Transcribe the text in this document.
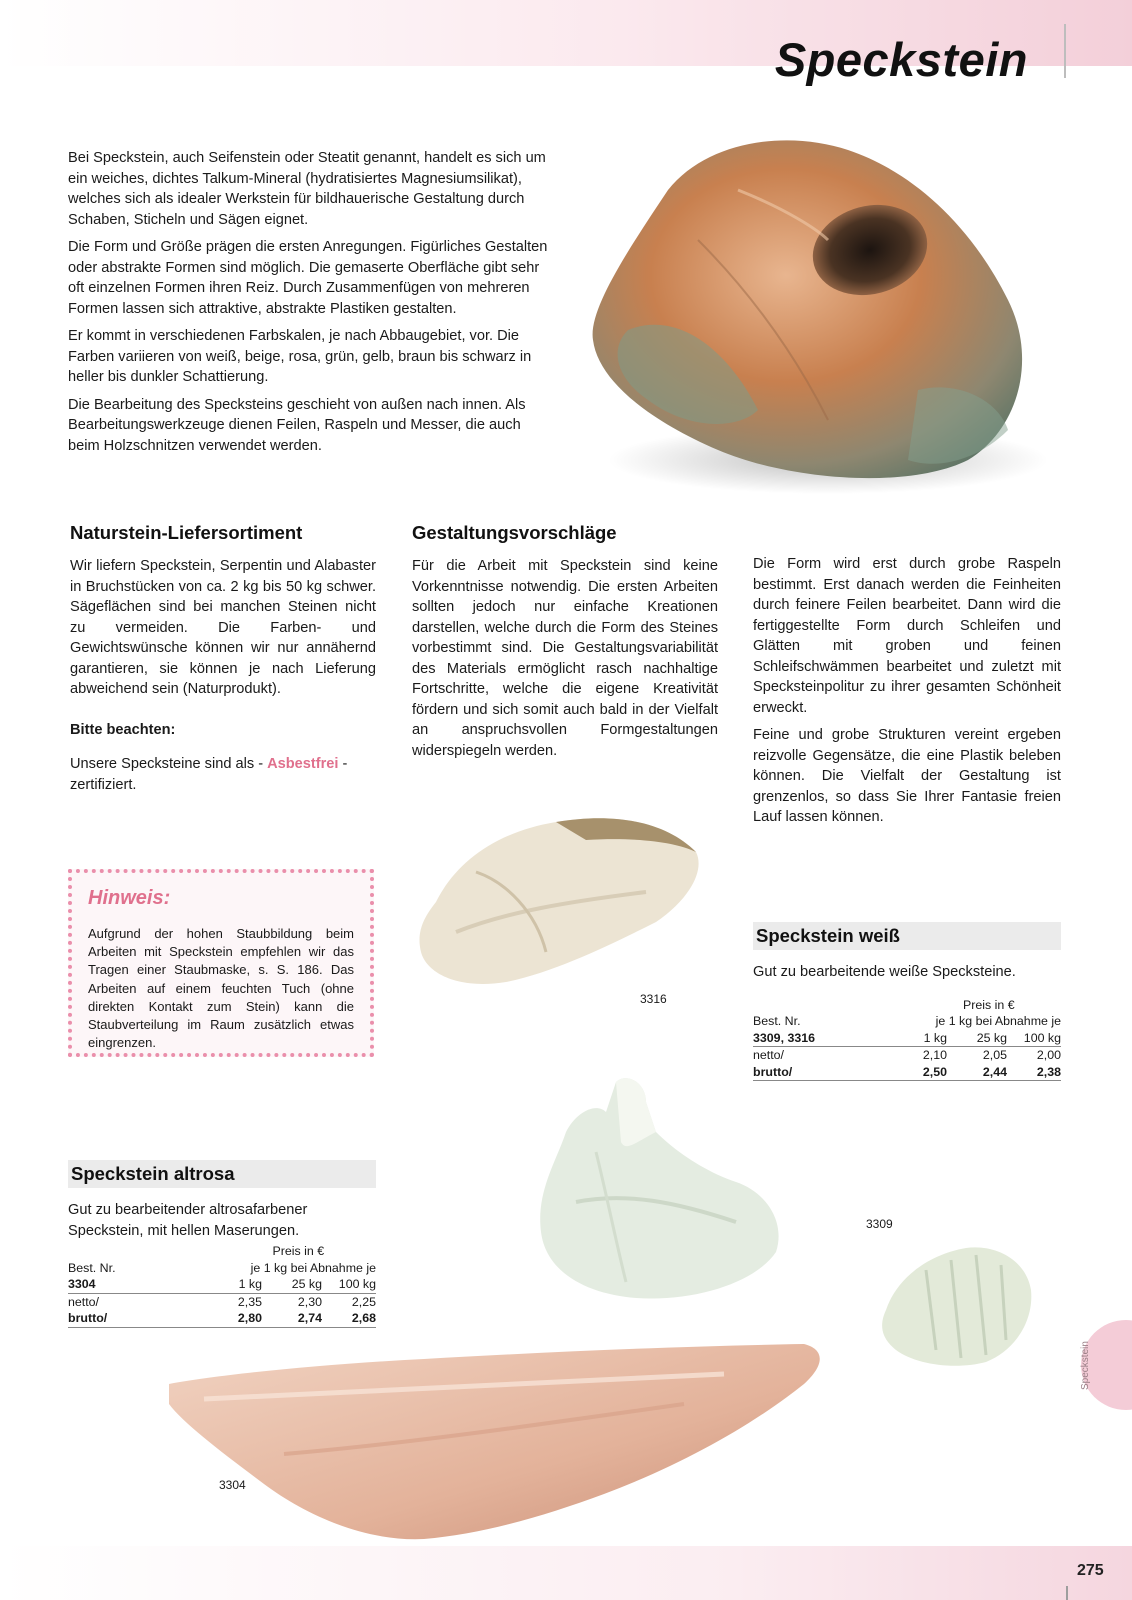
Speckstein

Bei Speckstein, auch Seifenstein oder Steatit genannt, handelt es sich um ein weiches, dichtes Talkum-Mineral (hydratisiertes Magnesiumsilikat), welches sich als idealer Werkstein für bildhauerische Gestaltung durch Schaben, Sticheln und Sägen eignet.

Die Form und Größe prägen die ersten Anregungen. Figürliches Gestalten oder abstrakte Formen sind möglich. Die gemaserte Oberfläche gibt sehr oft einzelnen Formen ihren Reiz. Durch Zusammenfügen von mehreren Formen lassen sich attraktive, abstrakte Plastiken gestalten.

Er kommt in verschiedenen Farbskalen, je nach Abbaugebiet, vor. Die Farben variieren von weiß, beige, rosa, grün, gelb, braun bis schwarz in heller bis dunkler Schattierung.

Die Bearbeitung des Specksteins geschieht von außen nach innen. Als Bearbeitungswerkzeuge dienen Feilen, Raspeln und Messer, die auch beim Holzschnitzen verwendet werden.

Naturstein-Liefersortiment

Wir liefern Speckstein, Serpentin und Alabaster in Bruchstücken von ca. 2 kg bis 50 kg schwer. Sägeflächen sind bei manchen Steinen nicht zu vermeiden. Die Farben- und Gewichtswünsche können wir nur annähernd garantieren, sie können je nach Lieferung abweichend sein (Naturprodukt).

Bitte beachten:

Unsere Specksteine sind als - Asbestfrei - zertifiziert.

Gestaltungsvorschläge

Für die Arbeit mit Speckstein sind keine Vorkenntnisse notwendig. Die ersten Arbeiten sollten jedoch nur einfache Kreationen darstellen, welche durch die Form des Steines vorbestimmt sind. Die Gestaltungsvariabilität des Materials ermöglicht rasch nachhaltige Fortschritte, welche die eigene Kreativität fördern und sich somit auch bald in der Vielfalt an anspruchsvollen Formgestaltungen widerspiegeln werden.

Die Form wird erst durch grobe Raspeln bestimmt. Erst danach werden die Feinheiten durch feinere Feilen bearbeitet. Dann wird die fertiggestellte Form durch Schleifen und Glätten mit groben und feinen Schleifschwämmen bearbeitet und zuletzt mit Specksteinpolitur zu ihrer gesamten Schönheit erweckt.

Feine und grobe Strukturen vereint ergeben reizvolle Gegensätze, die eine Plastik beleben können. Die Vielfalt der Gestaltung ist grenzenlos, so dass Sie Ihrer Fantasie freien Lauf lassen können.

Hinweis:
Aufgrund der hohen Staubbildung beim Arbeiten mit Speckstein empfehlen wir das Tragen einer Staubmaske, s. S. 186. Das Arbeiten auf einem feuchten Tuch (ohne direkten Kontakt zum Stein) kann die Staubverteilung im Raum zusätzlich etwas eingrenzen.
3316
Speckstein weiß

Gut zu bearbeitende weiße Specksteine.

	Preis in €		
Best. Nr.	je 1 kg bei Abnahme je		
3309, 3316	1 kg	25 kg	100 kg
netto/	2,10	2,05	2,00
brutto/	2,50	2,44	2,38
3309
Speckstein altrosa

Gut zu bearbeitender altrosafarbener Speckstein, mit hellen Maserungen.

	Preis in €		
Best. Nr.	je 1 kg bei Abnahme je		
3304	1 kg	25 kg	100 kg
netto/	2,35	2,30	2,25
brutto/	2,80	2,74	2,68
3304
Speckstein
275
